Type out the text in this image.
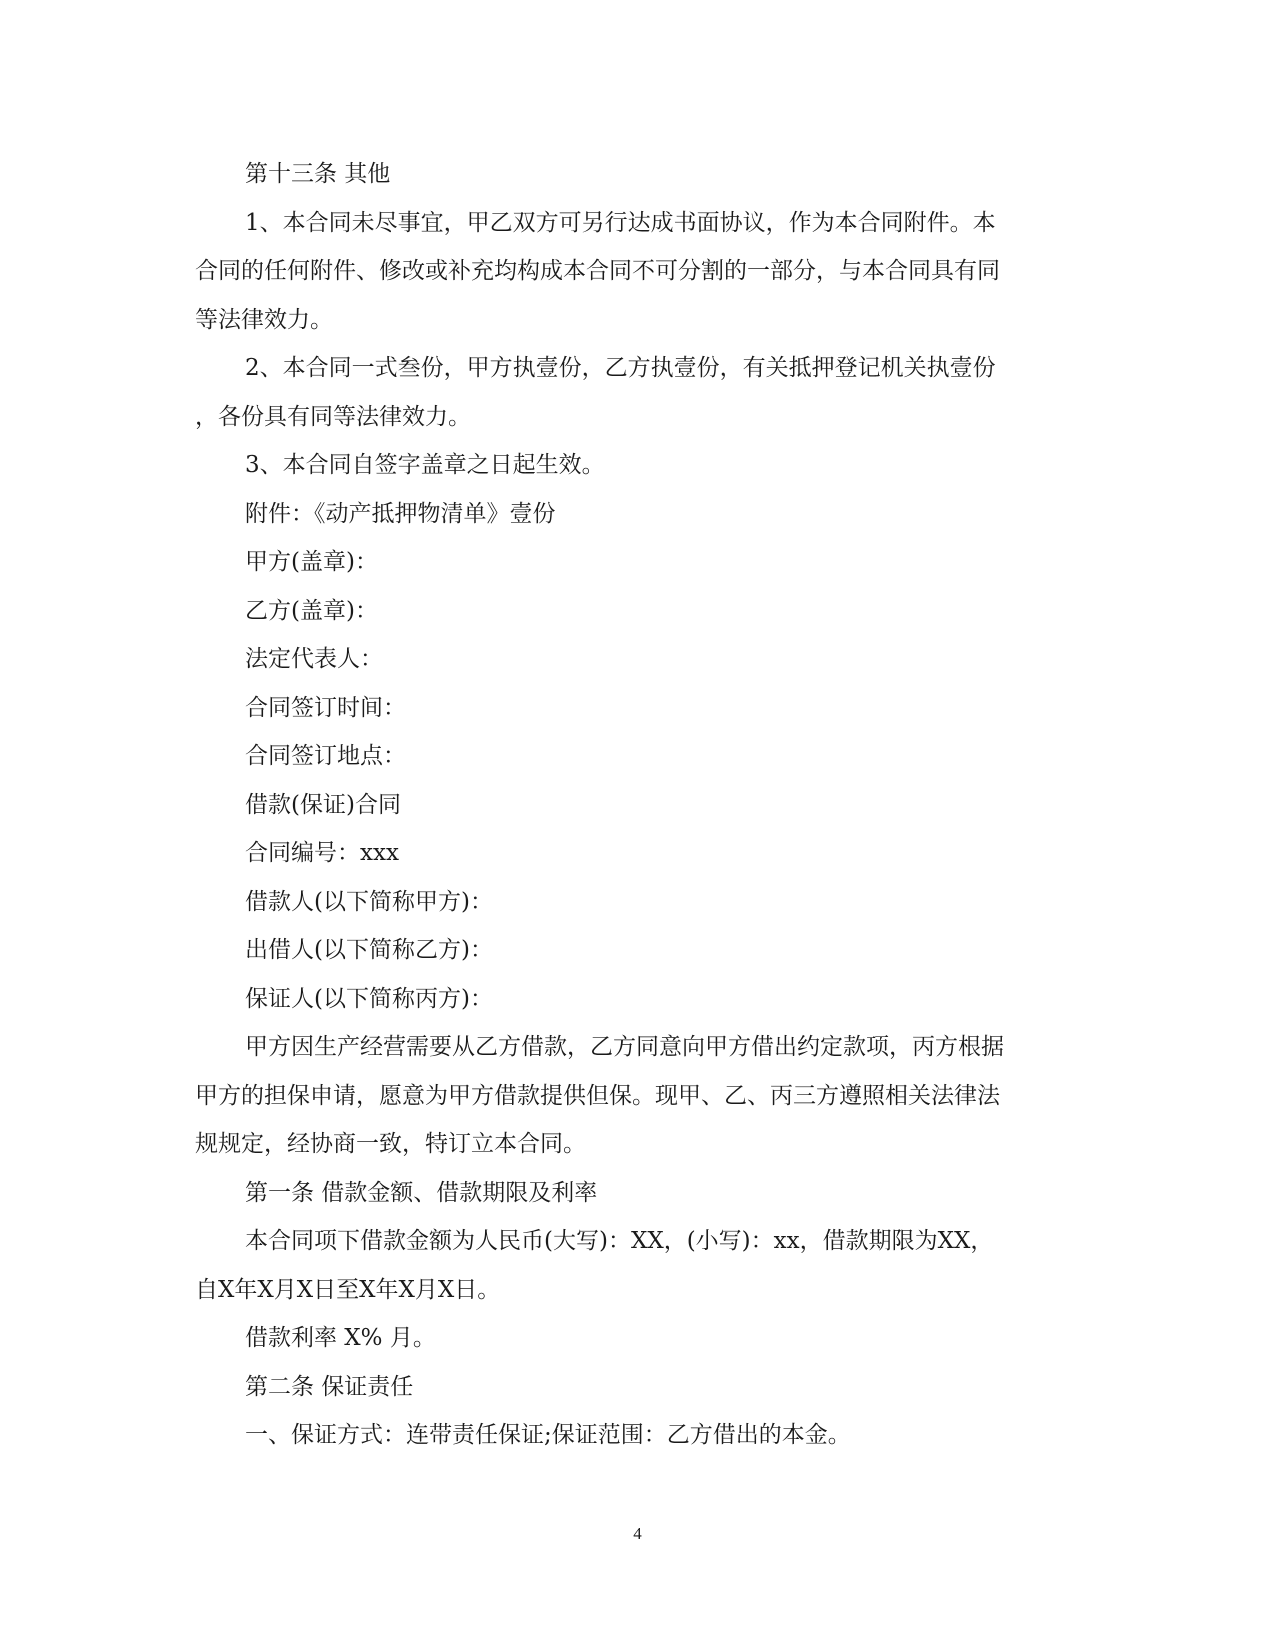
第十三条 其他

1、本合同未尽事宜，甲乙双方可另行达成书面协议，作为本合同附件。本

合同的任何附件、修改或补充均构成本合同不可分割的一部分，与本合同具有同

等法律效力。

2、本合同一式叁份，甲方执壹份，乙方执壹份，有关抵押登记机关执壹份

，各份具有同等法律效力。

3、本合同自签字盖章之日起生效。

附件：《动产抵押物清单》壹份

甲方(盖章)：

乙方(盖章)：

法定代表人：

合同签订时间：

合同签订地点：

借款(保证)合同

合同编号：xxx

借款人(以下简称甲方)：

出借人(以下简称乙方)：

保证人(以下简称丙方)：

甲方因生产经营需要从乙方借款，乙方同意向甲方借出约定款项，丙方根据

甲方的担保申请，愿意为甲方借款提供但保。现甲、乙、丙三方遵照相关法律法

规规定，经协商一致，特订立本合同。

第一条 借款金额、借款期限及利率

本合同项下借款金额为人民币(大写)：XX，(小写)：xx，借款期限为XX，

自X年X月X日至X年X月X日。

借款利率 X% 月。

第二条 保证责任

一、保证方式：连带责任保证;保证范围：乙方借出的本金。

4
